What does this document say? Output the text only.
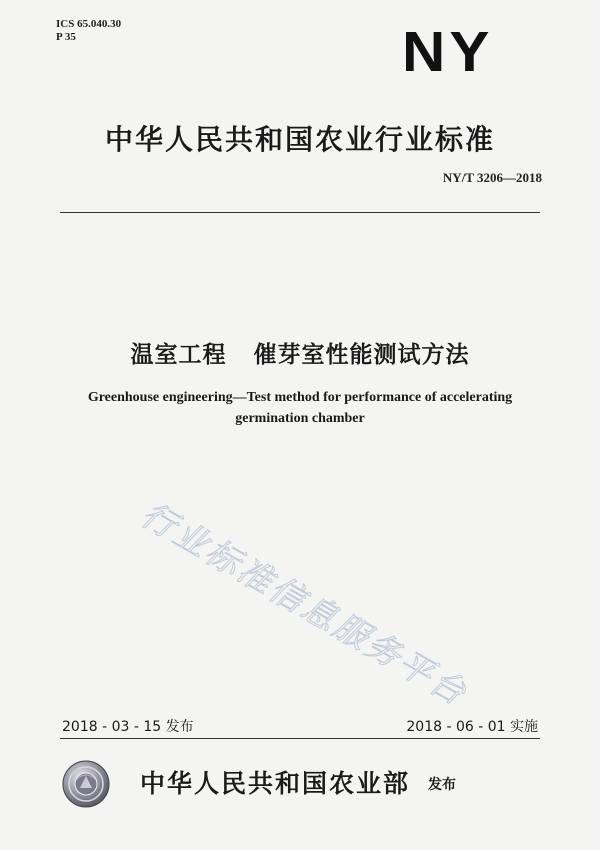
ICS 65.040.30
P 35	NY
中华人民共和国农业行业标准
NY/T 3206—2018
温室工程   催芽室性能测试方法
Greenhouse engineering—Test method for performance of accelerating
germination chamber
行业标准信息服务平台
2018 - 03 - 15 发布	2018 - 06 - 01 实施
中华人民共和国农业部 发布
